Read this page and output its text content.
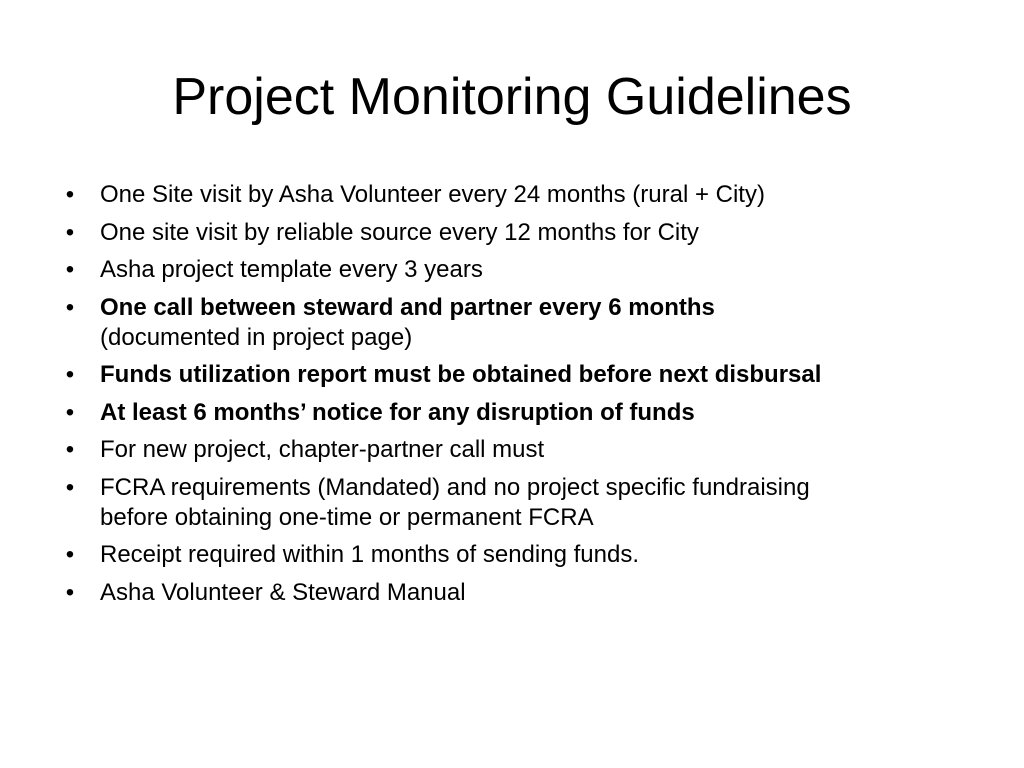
Project Monitoring Guidelines
• One Site visit by Asha Volunteer every 24 months (rural + City)
• One site visit by reliable source every 12 months for City
• Asha project template every 3 years
• One call between steward and partner every 6 months
(documented in project page)
• Funds utilization report must be obtained before next disbursal
• At least 6 months’ notice for any disruption of funds
• For new project, chapter-partner call must
• FCRA requirements (Mandated) and no project specific fundraising
before obtaining one-time or permanent FCRA
• Receipt required within 1 months of sending funds.
• Asha Volunteer & Steward Manual
